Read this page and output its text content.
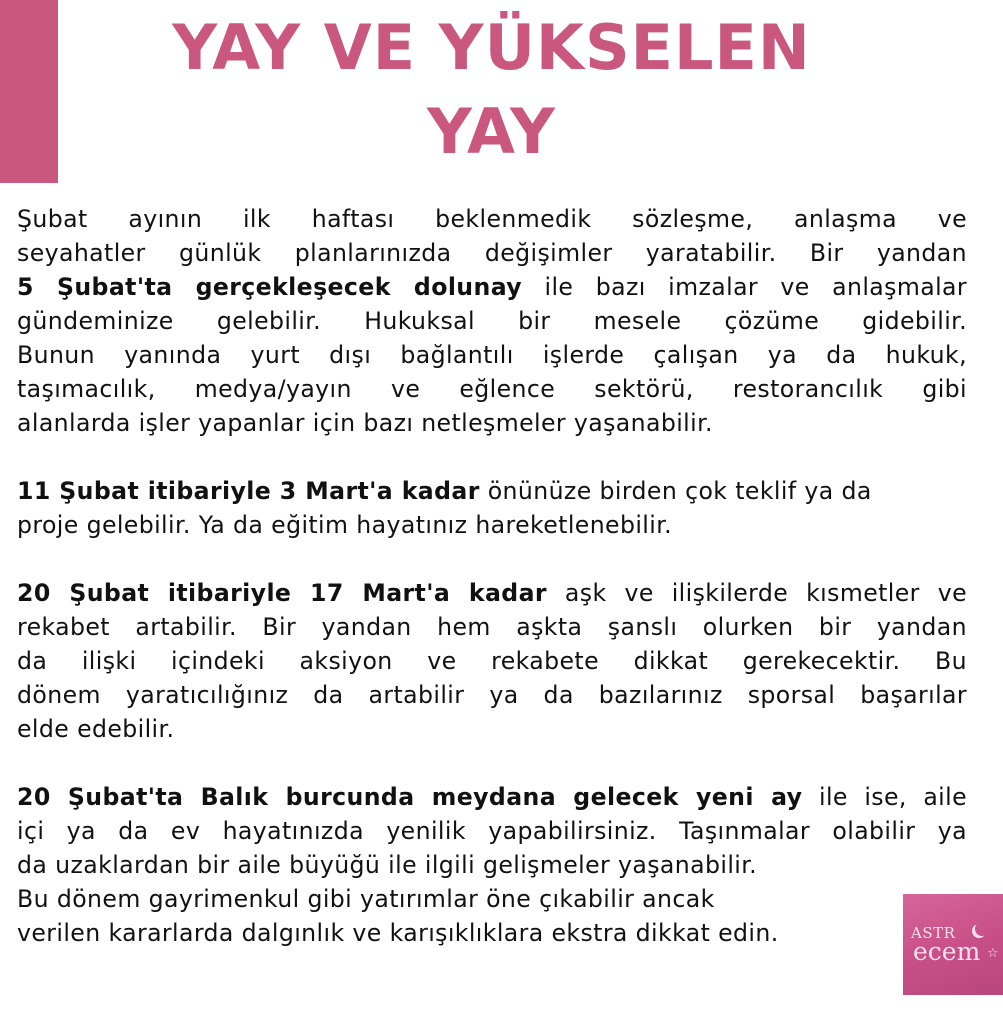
YAY VE YÜKSELEN
YAY

Şubat ayının ilk haftası beklenmedik sözleşme, anlaşma ve
seyahatler günlük planlarınızda değişimler yaratabilir. Bir yandan
5 Şubat'ta gerçekleşecek dolunay ile bazı imzalar ve anlaşmalar
gündeminize gelebilir. Hukuksal bir mesele çözüme gidebilir.
Bunun yanında yurt dışı bağlantılı işlerde çalışan ya da hukuk,
taşımacılık, medya/yayın ve eğlence sektörü, restorancılık gibi
alanlarda işler yapanlar için bazı netleşmeler yaşanabilir.

11 Şubat itibariyle 3 Mart'a kadar önünüze birden çok teklif ya da
proje gelebilir. Ya da eğitim hayatınız hareketlenebilir.

20 Şubat itibariyle 17 Mart'a kadar aşk ve ilişkilerde kısmetler ve
rekabet artabilir. Bir yandan hem aşkta şanslı olurken bir yandan
da ilişki içindeki aksiyon ve rekabete dikkat gerekecektir. Bu
dönem yaratıcılığınız da artabilir ya da bazılarınız sporsal başarılar
elde edebilir.

20 Şubat'ta Balık burcunda meydana gelecek yeni ay ile ise, aile
içi ya da ev hayatınızda yenilik yapabilirsiniz. Taşınmalar olabilir ya
da uzaklardan bir aile büyüğü ile ilgili gelişmeler yaşanabilir.
Bu dönem gayrimenkul gibi yatırımlar öne çıkabilir ancak
verilen kararlarda dalgınlık ve karışıklıklara ekstra dikkat edin.	ASTR
ecem ☆
